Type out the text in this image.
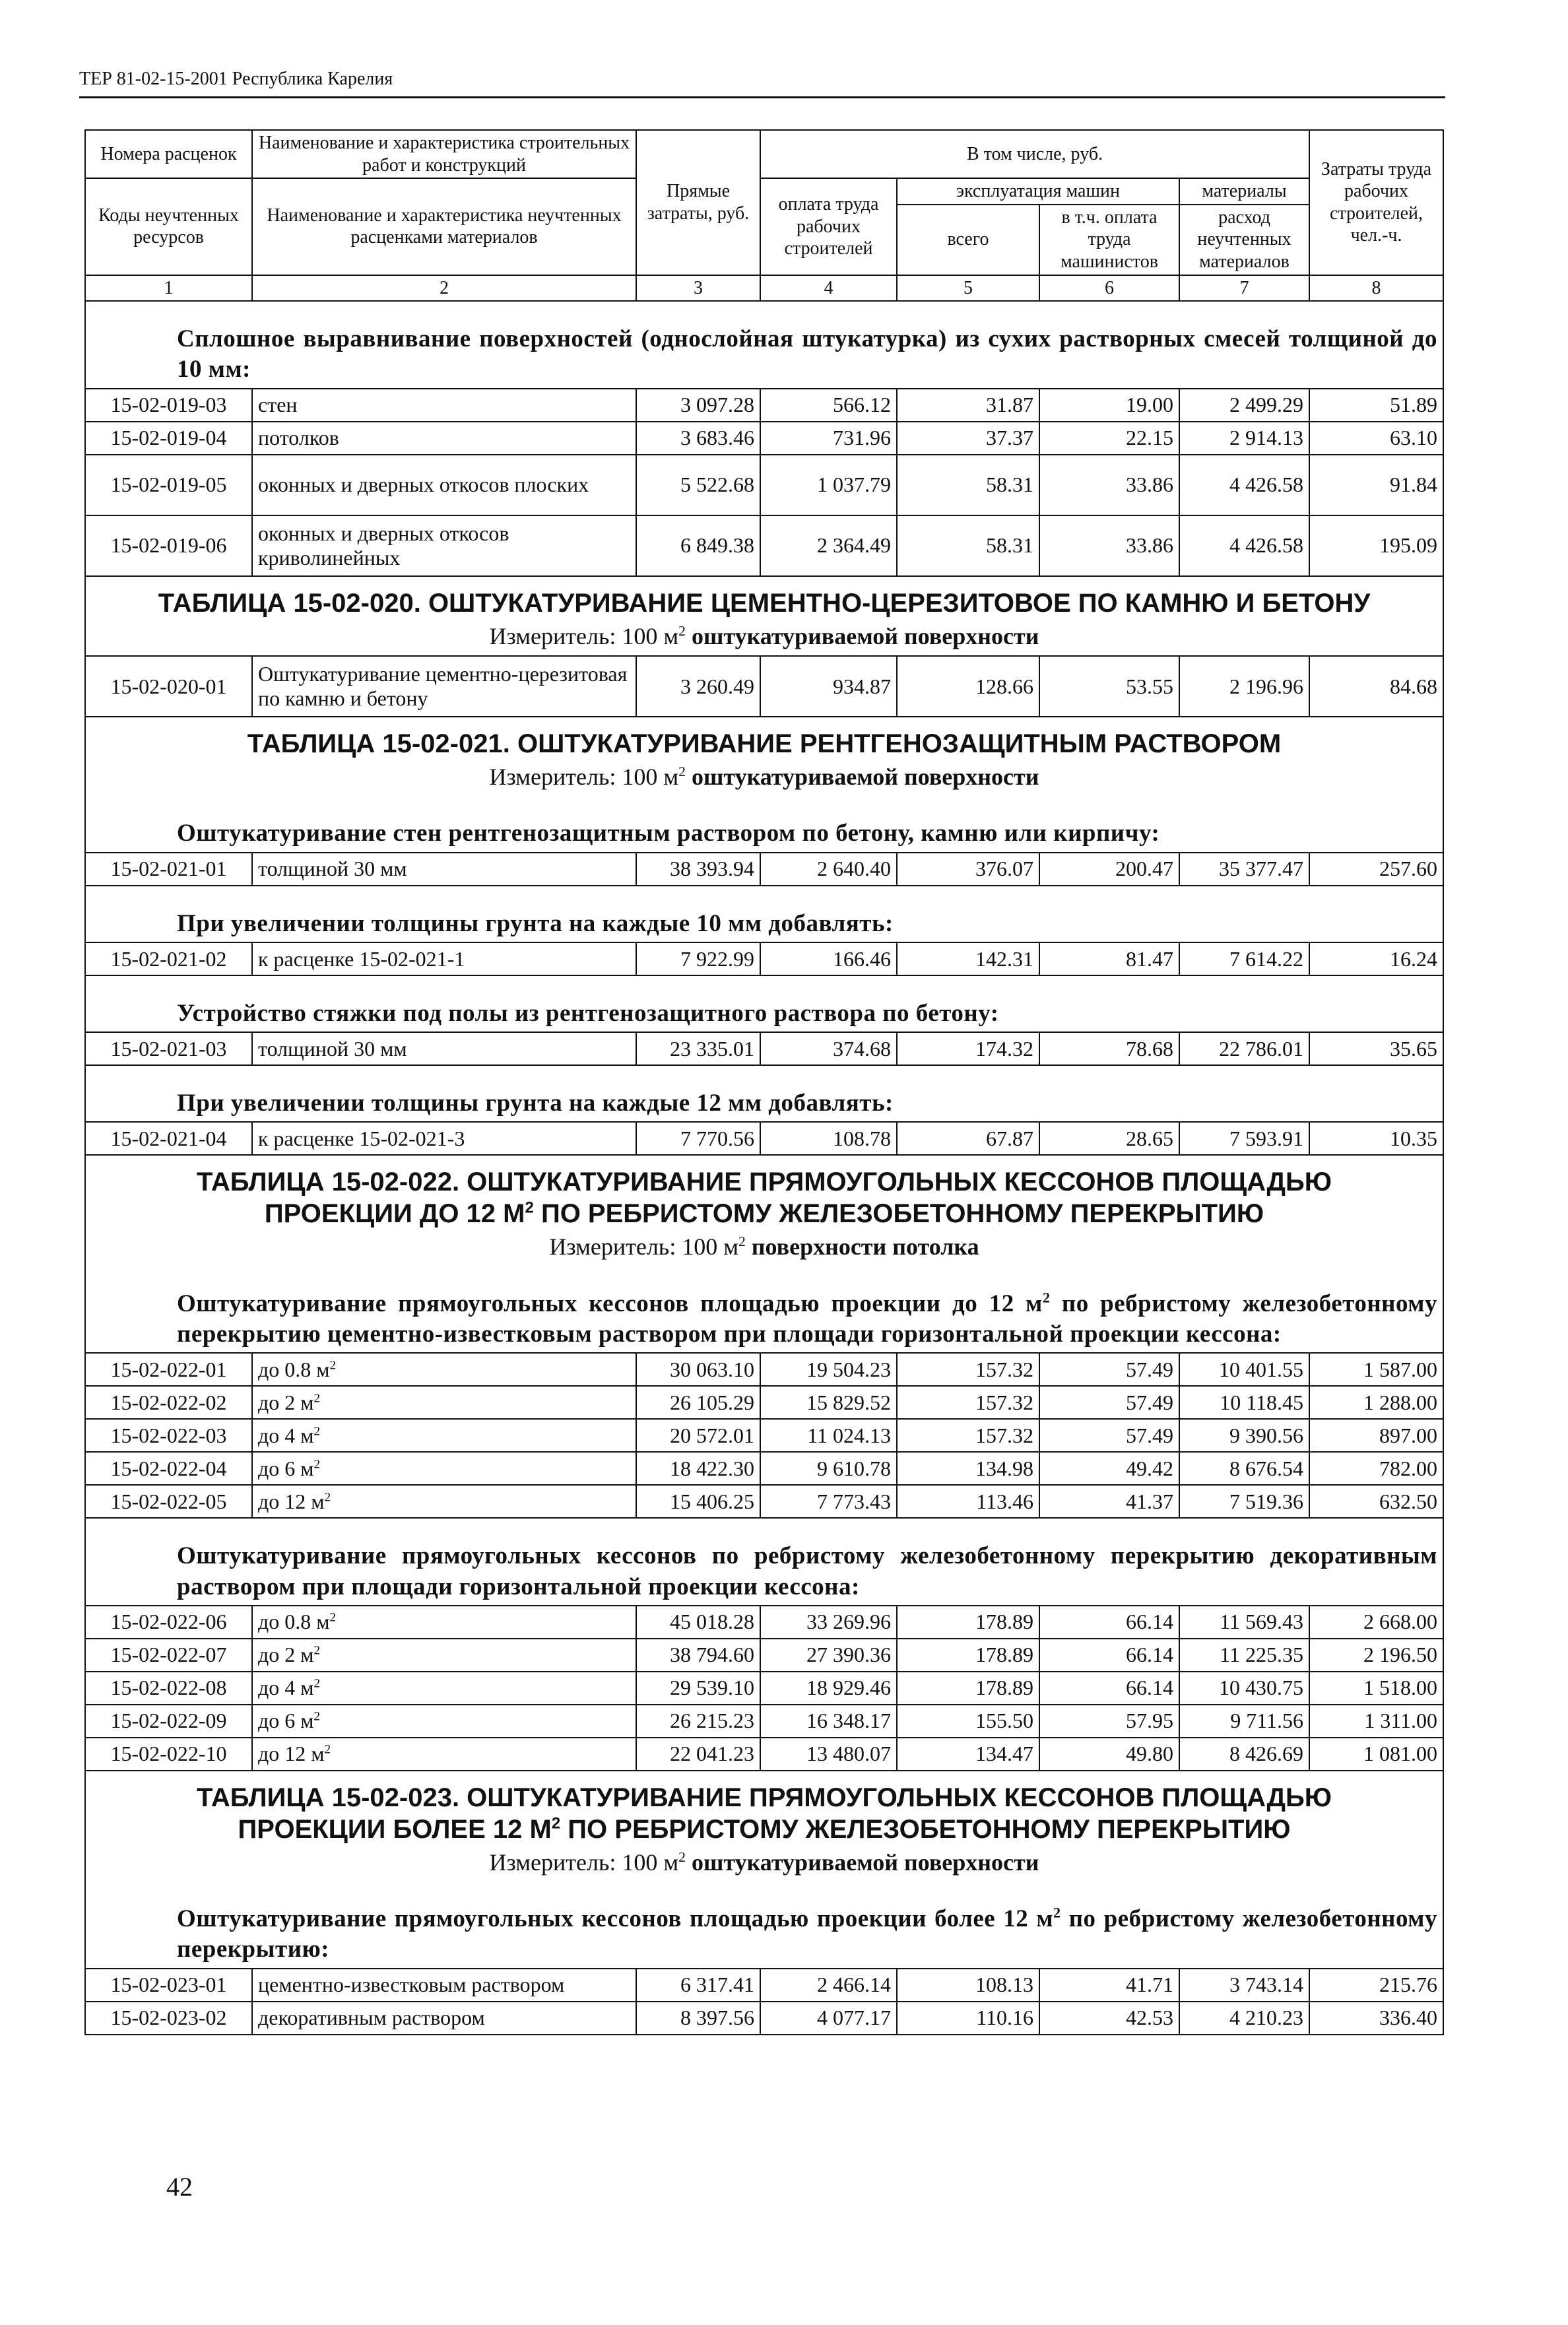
ТЕР 81-02-15-2001 Республика Карелия
Номера расценок	Наименование и характеристика строительных работ и конструкций	Прямые затраты, руб.	В том числе, руб.				Затраты труда рабочих строителей, чел.-ч.
Коды неучтенных ресурсов	Наименование и характеристика неучтенных расценками материалов		оплата труда рабочих строителей	эксплуатация машин		материалы	
				всего	в т.ч. оплата труда машинистов	расход неучтенных материалов	
1	2	3	4	5	6	7	8
Сплошное выравнивание поверхностей (однослойная штукатурка) из сухих растворных смесей толщиной до 10 мм:							
15-02-019-03	стен	3 097.28	566.12	31.87	19.00	2 499.29	51.89
15-02-019-04	потолков	3 683.46	731.96	37.37	22.15	2 914.13	63.10
15-02-019-05	оконных и дверных откосов плоских	5 522.68	1 037.79	58.31	33.86	4 426.58	91.84
15-02-019-06	оконных и дверных откосов криволинейных	6 849.38	2 364.49	58.31	33.86	4 426.58	195.09
ТАБЛИЦА 15-02-020. ОШТУКАТУРИВАНИЕ ЦЕМЕНТНО-ЦЕРЕЗИТОВОЕ ПО КАМНЮ И БЕТОНУ							
Измеритель: 100 $м^2$ оштукатуриваемой поверхности							
15-02-020-01	Оштукатуривание цементно-церезитовая по камню и бетону	3 260.49	934.87	128.66	53.55	2 196.96	84.68
ТАБЛИЦА 15-02-021. ОШТУКАТУРИВАНИЕ РЕНТГЕНОЗАЩИТНЫМ РАСТВОРОМ							
Измеритель: 100 $м^2$ оштукатуриваемой поверхности							
Оштукатуривание стен рентгенозащитным раствором по бетону, камню или кирпичу:							
15-02-021-01	толщиной 30 мм	38 393.94	2 640.40	376.07	200.47	35 377.47	257.60
При увеличении толщины грунта на каждые 10 мм добавлять:							
15-02-021-02	к расценке 15-02-021-1	7 922.99	166.46	142.31	81.47	7 614.22	16.24
Устройство стяжки под полы из рентгенозащитного раствора по бетону:							
15-02-021-03	толщиной 30 мм	23 335.01	374.68	174.32	78.68	22 786.01	35.65
При увеличении толщины грунта на каждые 12 мм добавлять:							
15-02-021-04	к расценке 15-02-021-3	7 770.56	108.78	67.87	28.65	7 593.91	10.35
ТАБЛИЦА 15-02-022. ОШТУКАТУРИВАНИЕ ПРЯМОУГОЛЬНЫХ КЕССОНОВ ПЛОЩАДЬЮ ПРОЕКЦИИ ДО 12 $М^2$ ПО РЕБРИСТОМУ ЖЕЛЕЗОБЕТОННОМУ ПЕРЕКРЫТИЮ							
Измеритель: 100 $м^2$ поверхности потолка							
Оштукатуривание прямоугольных кессонов площадью проекции до 12 $м^2$ по ребристому железобетонному перекрытию цементно-известковым раствором при площади горизонтальной проекции кессона:							
15-02-022-01	до 0.8 $м^2$	30 063.10	19 504.23	157.32	57.49	10 401.55	1 587.00
15-02-022-02	до 2 $м^2$	26 105.29	15 829.52	157.32	57.49	10 118.45	1 288.00
15-02-022-03	до 4 $м^2$	20 572.01	11 024.13	157.32	57.49	9 390.56	897.00
15-02-022-04	до 6 $м^2$	18 422.30	9 610.78	134.98	49.42	8 676.54	782.00
15-02-022-05	до 12 $м^2$	15 406.25	7 773.43	113.46	41.37	7 519.36	632.50
Оштукатуривание прямоугольных кессонов по ребристому железобетонному перекрытию декоративным раствором при площади горизонтальной проекции кессона:							
15-02-022-06	до 0.8 $м^2$	45 018.28	33 269.96	178.89	66.14	11 569.43	2 668.00
15-02-022-07	до 2 $м^2$	38 794.60	27 390.36	178.89	66.14	11 225.35	2 196.50
15-02-022-08	до 4 $м^2$	29 539.10	18 929.46	178.89	66.14	10 430.75	1 518.00
15-02-022-09	до 6 $м^2$	26 215.23	16 348.17	155.50	57.95	9 711.56	1 311.00
15-02-022-10	до 12 $м^2$	22 041.23	13 480.07	134.47	49.80	8 426.69	1 081.00
ТАБЛИЦА 15-02-023. ОШТУКАТУРИВАНИЕ ПРЯМОУГОЛЬНЫХ КЕССОНОВ ПЛОЩАДЬЮ ПРОЕКЦИИ БОЛЕЕ 12 $М^2$ ПО РЕБРИСТОМУ ЖЕЛЕЗОБЕТОННОМУ ПЕРЕКРЫТИЮ							
Измеритель: 100 $м^2$ оштукатуриваемой поверхности							
Оштукатуривание прямоугольных кессонов площадью проекции более 12 $м^2$ по ребристому железобетонному перекрытию:							
15-02-023-01	цементно-известковым раствором	6 317.41	2 466.14	108.13	41.71	3 743.14	215.76
15-02-023-02	декоративным раствором	8 397.56	4 077.17	110.16	42.53	4 210.23	336.40
42
